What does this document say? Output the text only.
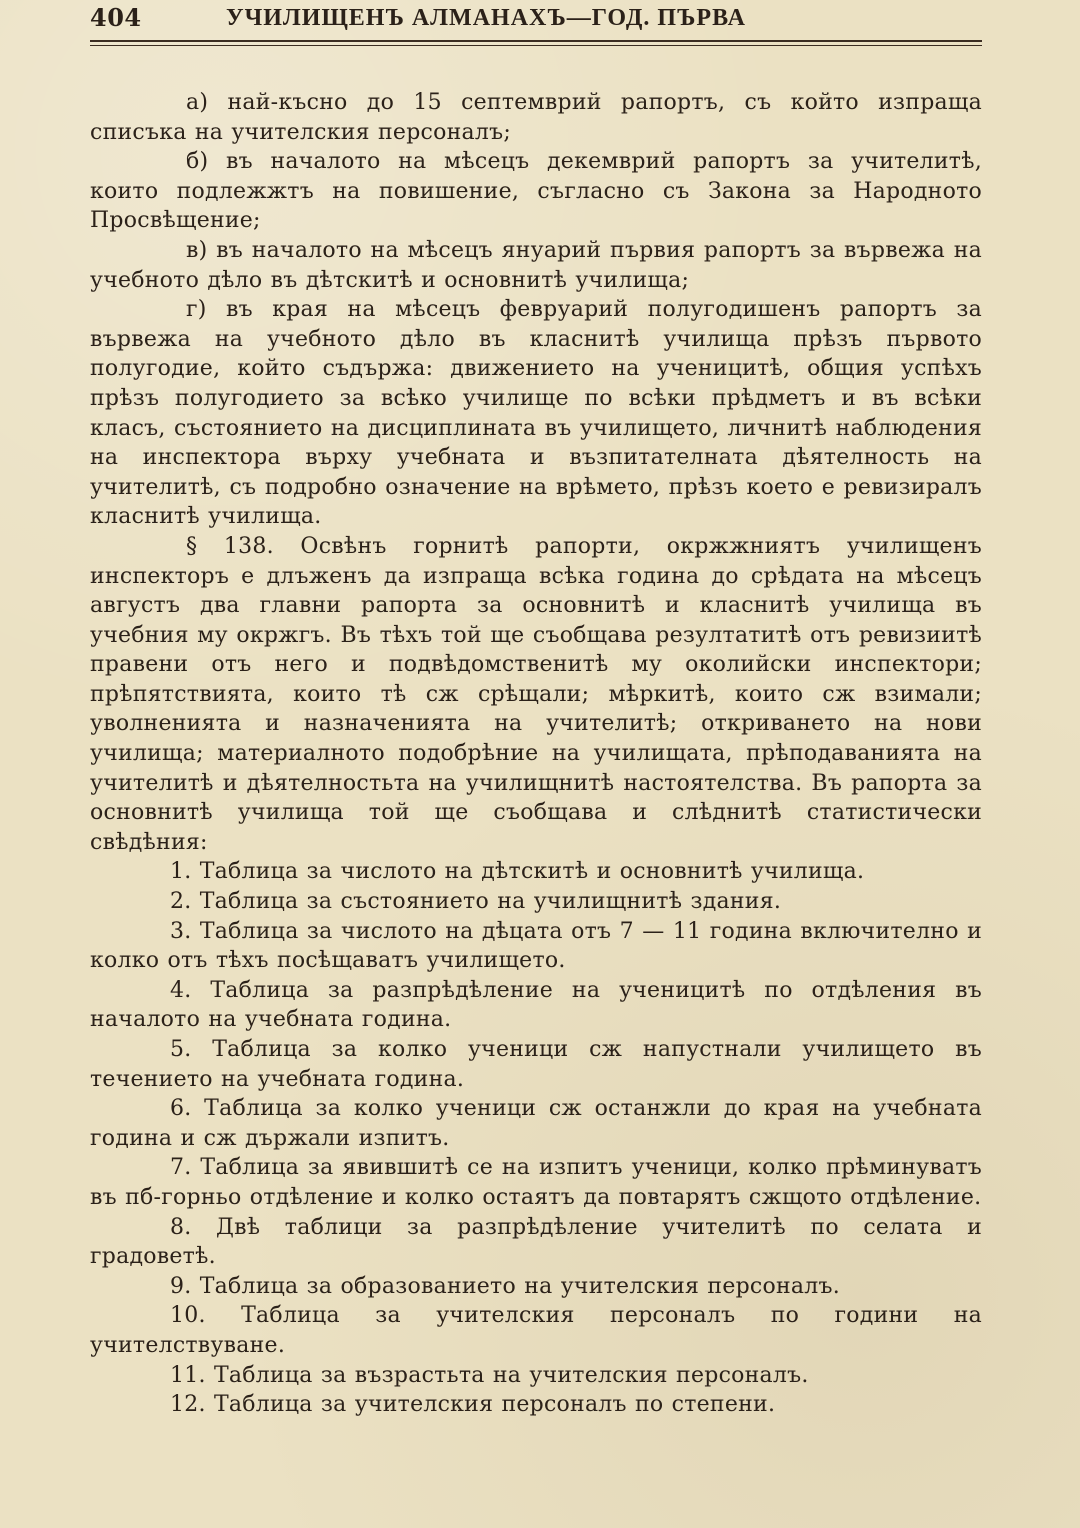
404	УЧИЛИЩЕНЪ АЛМАНАХЪ—ГОД. ПЪРВА

а) най-късно до 15 септемврий рапортъ, съ който изпраща списъка на учителския персоналъ;

б) въ началото на мѣсецъ декемврий рапортъ за учителитѣ, които подлежжтъ на повишение, съгласно съ Закона за Народното Просвѣщение;

в) въ началото на мѣсецъ януарий първия рапортъ за вървежа на учебното дѣло въ дѣтскитѣ и основнитѣ училища;

г) въ края на мѣсецъ февруарий полугодишенъ рапортъ за вървежа на учебното дѣло въ класнитѣ училища прѣзъ първото полугодие, който съдържа: движението на ученицитѣ, общия успѣхъ прѣзъ полугодието за всѣко училище по всѣки прѣдметъ и въ всѣки класъ, състоянието на дисциплината въ училището, личнитѣ наблюдения на инспектора върху учебната и възпитателната дѣятелность на учителитѣ, съ подробно означение на врѣмето, прѣзъ което е ревизиралъ класнитѣ училища.

§ 138. Освѣнъ горнитѣ рапорти, окржжниятъ училищенъ инспекторъ е длъженъ да изпраща всѣка година до срѣдата на мѣсецъ августъ два главни рапорта за основнитѣ и класнитѣ училища въ учебния му окржгъ. Въ тѣхъ той ще съобщава резултатитѣ отъ ревизиитѣ правени отъ него и подвѣдомственитѣ му околийски инспектори; прѣпятствията, които тѣ сж срѣщали; мѣркитѣ, които сж взимали; уволненията и назначенията на учителитѣ; откриването на нови училища; материалното подобрѣние на училищата, прѣподаванията на учителитѣ и дѣятелностьта на училищнитѣ настоятелства. Въ рапорта за основнитѣ училища той ще съобщава и слѣднитѣ статистически свѣдѣния:

1. Таблица за числото на дѣтскитѣ и основнитѣ училища.

2. Таблица за състоянието на училищнитѣ здания.

3. Таблица за числото на дѣцата отъ 7 — 11 година включително и колко отъ тѣхъ посѣщаватъ училището.

4. Таблица за разпрѣдѣление на ученицитѣ по отдѣления въ началото на учебната година.

5. Таблица за колко ученици сж напустнали училището въ течението на учебната година.

6. Таблица за колко ученици сж останжли до края на учебната година и сж държали изпитъ.

7. Таблица за явившитѣ се на изпитъ ученици, колко прѣминуватъ въ пб-горньо отдѣление и колко остаятъ да повтарятъ сжщото отдѣление.

8. Двѣ таблици за разпрѣдѣление учителитѣ по селата и градоветѣ.

9. Таблица за образованието на учителския персоналъ.

10. Таблица за учителския персоналъ по години на учителствуване.

11. Таблица за възрастьта на учителския персоналъ.

12. Таблица за учителския персоналъ по степени.
